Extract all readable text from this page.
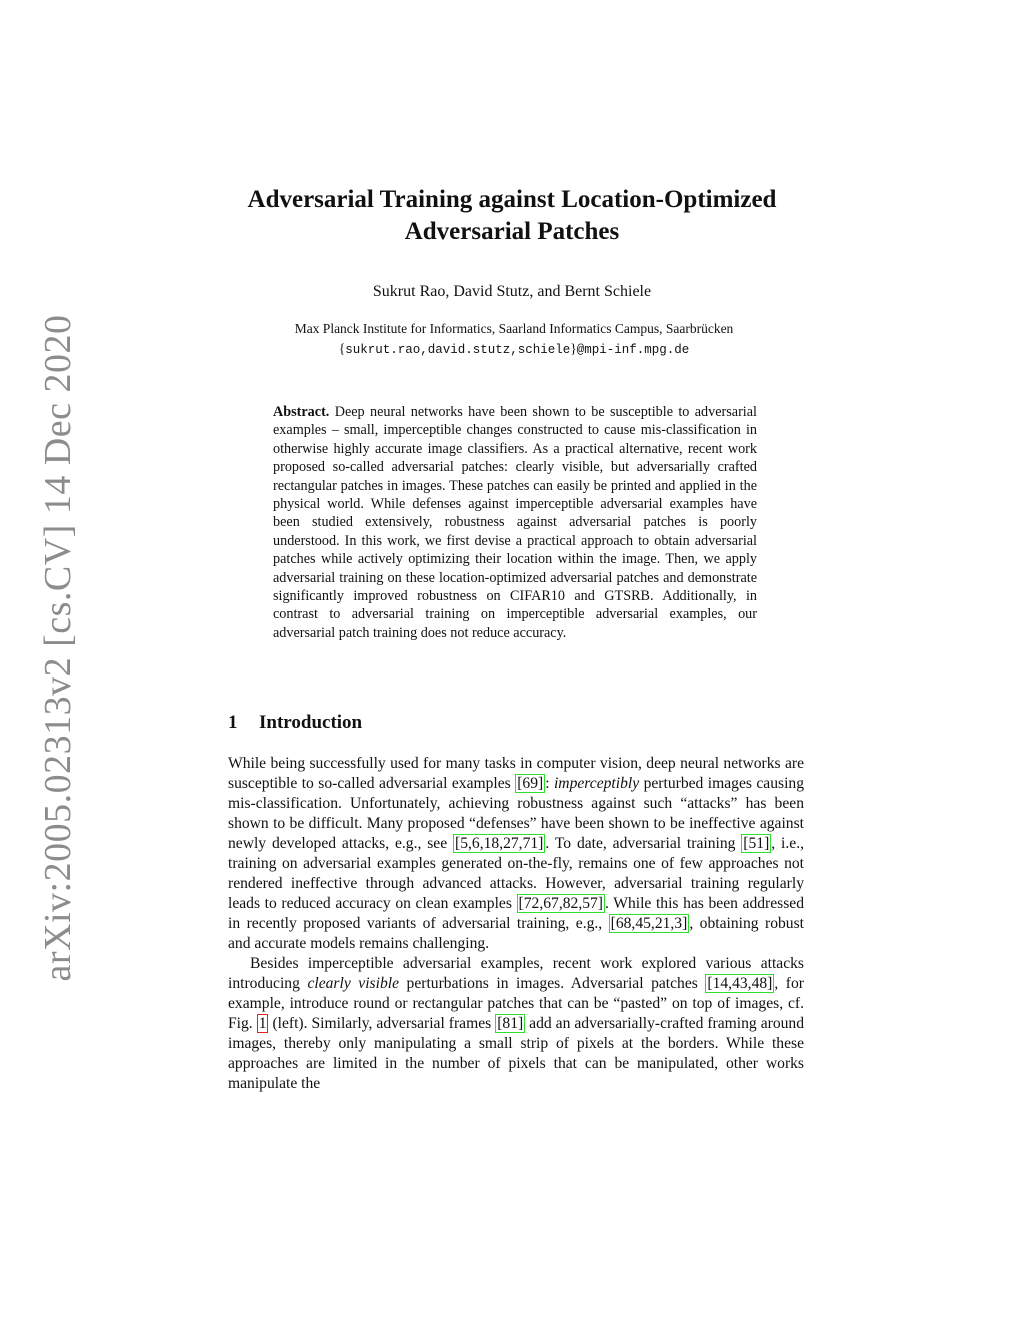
arXiv:2005.02313v2 [cs.CV] 14 Dec 2020
Adversarial Training against Location-Optimized
Adversarial Patches
Sukrut Rao, David Stutz, and Bernt Schiele
Max Planck Institute for Informatics, Saarland Informatics Campus, Saarbrücken
{sukrut.rao,david.stutz,schiele}@mpi-inf.mpg.de
Abstract. Deep neural networks have been shown to be susceptible to adversarial examples – small, imperceptible changes constructed to cause mis-classification in otherwise highly accurate image classifiers. As a practical alternative, recent work proposed so-called adversarial patches: clearly visible, but adversarially crafted rectangular patches in images. These patches can easily be printed and applied in the physical world. While defenses against imperceptible adversarial examples have been studied extensively, robustness against adversarial patches is poorly understood. In this work, we first devise a practical approach to obtain adversarial patches while actively optimizing their location within the image. Then, we apply adversarial training on these location-optimized adversarial patches and demonstrate significantly improved robustness on CIFAR10 and GTSRB. Additionally, in contrast to adversarial training on imperceptible adversarial examples, our adversarial patch training does not reduce accuracy.
1 Introduction

While being successfully used for many tasks in computer vision, deep neural networks are susceptible to so-called adversarial examples [69] : imperceptibly perturbed images causing mis-classification. Unfortunately, achieving robustness against such “attacks” has been shown to be difficult. Many proposed “defenses” have been shown to be ineffective against newly developed attacks, e.g., see [5,6,18,27,71] . To date, adversarial training [51] , i.e., training on adversarial examples generated on-the-fly, remains one of few approaches not rendered ineffective through advanced attacks. However, adversarial training regularly leads to reduced accuracy on clean examples [72,67,82,57] . While this has been addressed in recently proposed variants of adversarial training, e.g., [68,45,21,3] , obtaining robust and accurate models remains challenging.

Besides imperceptible adversarial examples, recent work explored various attacks introducing clearly visible perturbations in images. Adversarial patches [14,43,48] , for example, introduce round or rectangular patches that can be “pasted” on top of images, cf. Fig. 1 (left). Similarly, adversarial frames [81] add an adversarially-crafted framing around images, thereby only manipulating a small strip of pixels at the borders. While these approaches are limited in the number of pixels that can be manipulated, other works manipulate the
